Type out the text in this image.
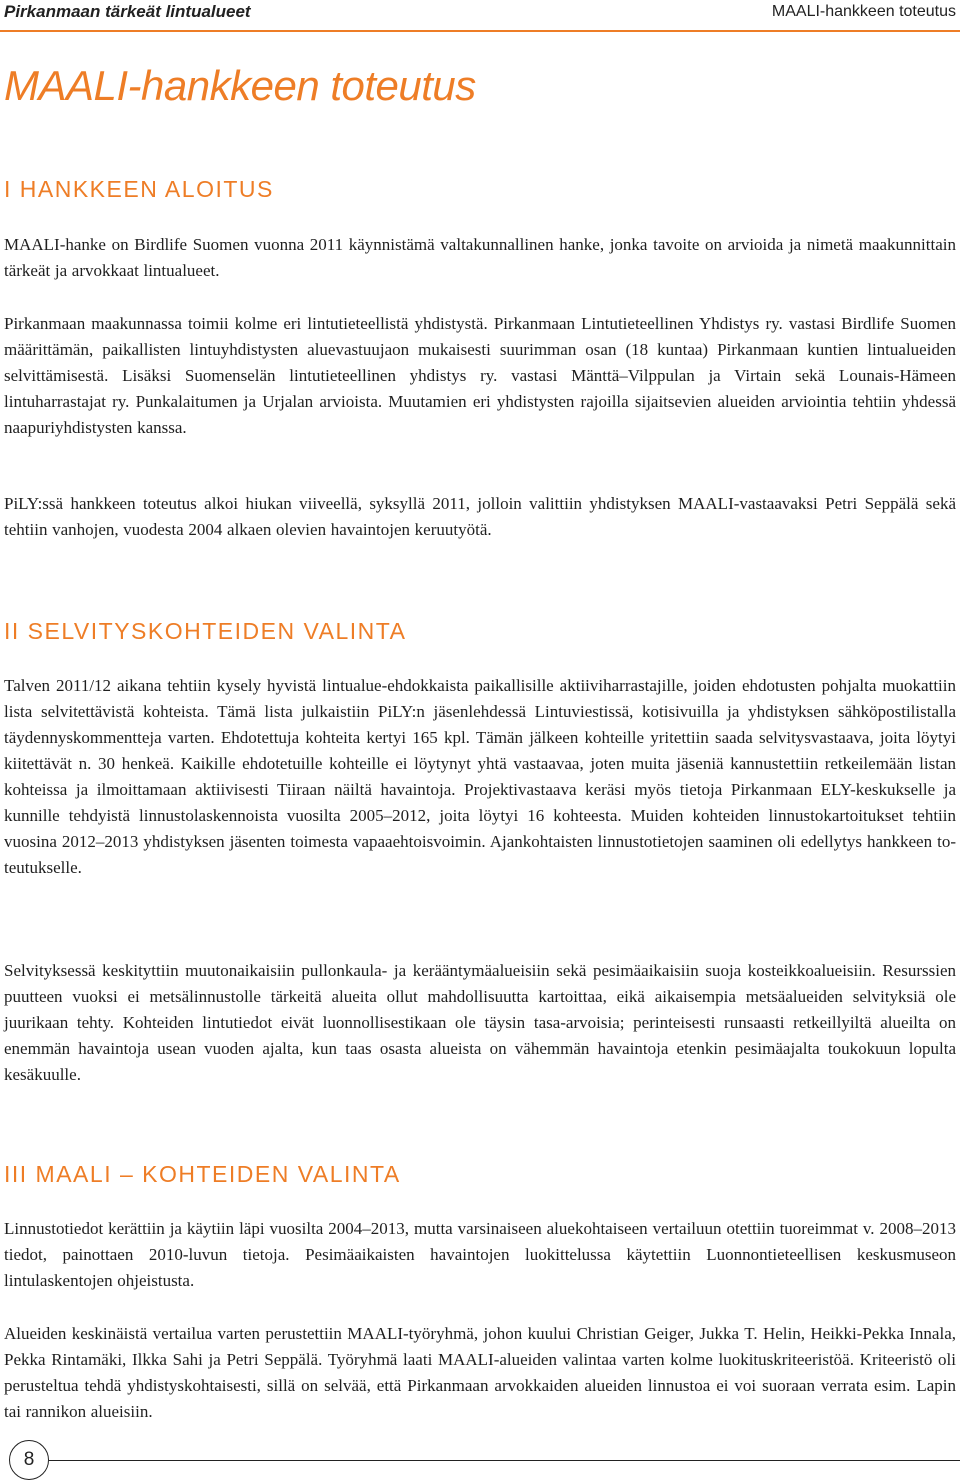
Pirkanmaan tärkeät lintualueet	MAALI-hankkeen toteutus
MAALI-hankkeen toteutus
I HANKKEEN ALOITUS

MAALI-hanke on Birdlife Suomen vuonna 2011 käynnistämä valtakunnallinen hanke, jonka tavoite on arvioida ja nimetä maakunnittain tärkeät ja arvokkaat lintualueet.

Pirkanmaan maakunnassa toimii kolme eri lintutieteellistä yhdistystä. Pirkanmaan Lintutieteellinen Yhdistys ry. vastasi Birdlife Suomen määrittämän, paikallisten lintuyhdistysten aluevastuujaon mukaisesti suurimman osan (18 kuntaa) Pirkanmaan kuntien lintualueiden selvittämisestä. Lisäksi Suomenselän lintutieteellinen yhdistys ry. vastasi Mänttä–Vilppulan ja Virtain sekä Lounais-Hämeen lintuharrastajat ry. Punkalaitumen ja Urjalan arvioista. Muutamien eri yhdistysten rajoilla sijaitsevien alueiden arviointia tehtiin yhdessä naapuriyhdistysten kanssa.

PiLY:ssä hankkeen toteutus alkoi hiukan viiveellä, syksyllä 2011, jolloin valittiin yhdistyksen MAALI-vastaavaksi Petri Seppälä sekä tehtiin vanhojen, vuodesta 2004 alkaen olevien havaintojen keruutyötä.

II SELVITYSKOHTEIDEN VALINTA

Talven 2011/12 aikana tehtiin kysely hyvistä lintualue-ehdokkaista paikallisille aktiiviharrastajille, joiden ehdotusten pohjalta muokattiin lista selvitettävistä kohteista. Tämä lista julkaistiin PiLY:n jäsenlehdessä Lintuviestissä, kotisivuilla ja yhdistyksen sähköpostilistalla täydennyskommentteja varten. Ehdotettuja kohteita kertyi 165 kpl. Tämän jälkeen kohteille yritettiin saada selvitysvastaava, joita löytyi kiitettävät n. 30 henkeä. Kaikille ehdotetuille kohteille ei löytynyt yhtä vastaavaa, joten muita jäseniä kannustettiin retkeilemään listan kohteissa ja ilmoittamaan aktiivisesti Tiiraan näiltä havaintoja. Projektivastaava keräsi myös tietoja Pirkanmaan ELY-keskukselle ja kunnille tehdyistä linnustolaskennoista vuosilta 2005–2012, joita löytyi 16 kohteesta. Muiden kohteiden linnustokartoitukset tehtiin vuosina 2012–2013 yhdistyksen jäsenten toimesta vapaaehtoisvoimin. Ajankohtaisten linnustotietojen saaminen oli edellytys hankkeen toteutukselle.

Selvityksessä keskityttiin muutonaikaisiin pullonkaula- ja kerääntymäalueisiin sekä pesimäaikaisiin suoja kosteikkoalueisiin. Resurssien puutteen vuoksi ei metsälinnustolle tärkeitä alueita ollut mahdollisuutta kartoittaa, eikä aikaisempia metsäalueiden selvityksiä ole juurikaan tehty. Kohteiden lintutiedot eivät luonnollisestikaan ole täysin tasa-arvoisia; perinteisesti runsaasti retkeillyiltä alueilta on enemmän havaintoja usean vuoden ajalta, kun taas osasta alueista on vähemmän havaintoja etenkin pesimäajalta toukokuun lopulta kesäkuulle.

III MAALI – KOHTEIDEN VALINTA

Linnustotiedot kerättiin ja käytiin läpi vuosilta 2004–2013, mutta varsinaiseen aluekohtaiseen vertailuun otettiin tuoreimmat v. 2008–2013 tiedot, painottaen 2010-luvun tietoja. Pesimäaikaisten havaintojen luokittelussa käytettiin Luonnontieteellisen keskusmuseon lintulaskentojen ohjeistusta.

Alueiden keskinäistä vertailua varten perustettiin MAALI-työryhmä, johon kuului Christian Geiger, Jukka T. Helin, Heikki-Pekka Innala, Pekka Rintamäki, Ilkka Sahi ja Petri Seppälä. Työryhmä laati MAALI-alueiden valintaa varten kolme luokituskriteeristöä. Kriteeristö oli perusteltua tehdä yhdistyskohtaisesti, sillä on selvää, että Pirkanmaan arvokkaiden alueiden linnustoa ei voi suoraan verrata esim. Lapin tai rannikon alueisiin.

8
